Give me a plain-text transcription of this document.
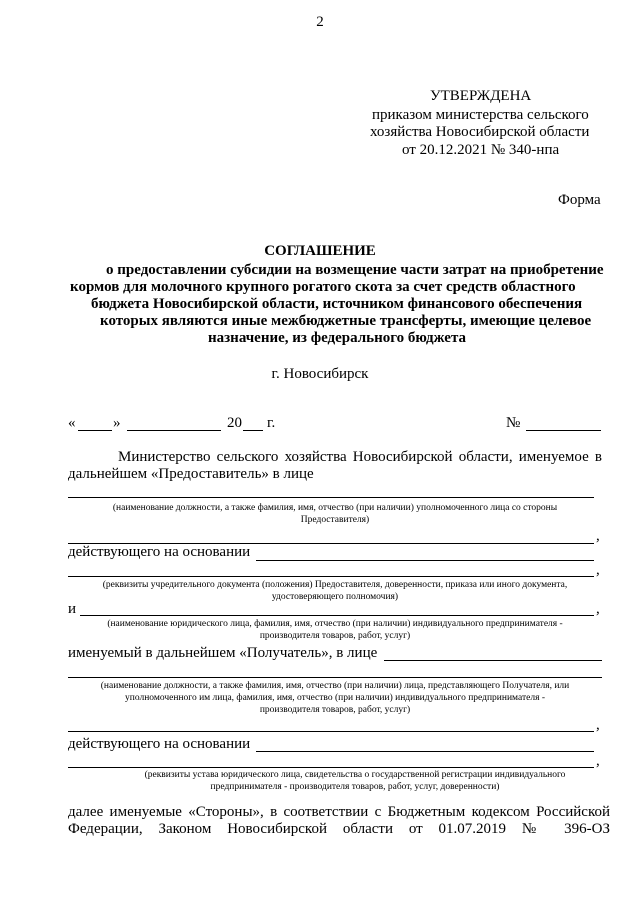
2
УТВЕРЖДЕНА
приказом министерства сельского
хозяйства Новосибирской области
от 20.12.2021 № 340-нпа
Форма
СОГЛАШЕНИЕ
о предоставлении субсидии на возмещение части затрат на приобретение
кормов для молочного крупного рогатого скота за счет средств областного
бюджета Новосибирской области, источником финансового обеспечения
которых являются иные межбюджетные трансферты, имеющие целевое
назначение, из федерального бюджета
г. Новосибирск
«	»	20 г.	№
Министерство сельского хозяйства Новосибирской области, именуемое в
дальнейшем «Предоставитель» в лице
(наименование должности, а также фамилия, имя, отчество (при наличии) уполномоченного лица со стороны
Предоставителя)
,
действующего на основании
,
(реквизиты учредительного документа (положения) Предоставителя, доверенности, приказа или иного документа,
удостоверяющего полномочия)
и	,
(наименование юридического лица, фамилия, имя, отчество (при наличии) индивидуального предпринимателя -
производителя товаров, работ, услуг)
именуемый в дальнейшем «Получатель», в лице
(наименование должности, а также фамилия, имя, отчество (при наличии) лица, представляющего Получателя, или
уполномоченного им лица, фамилия, имя, отчество (при наличии) индивидуального предпринимателя -
производителя товаров, работ, услуг)
,
действующего на основании
,
(реквизиты устава юридического лица, свидетельства о государственной регистрации индивидуального
предпринимателя - производителя товаров, работ, услуг, доверенности)
далее именуемые «Стороны», в соответствии с Бюджетным кодексом Российской
Федерации, Законом Новосибирской области от 01.07.2019 № 396-ОЗ
